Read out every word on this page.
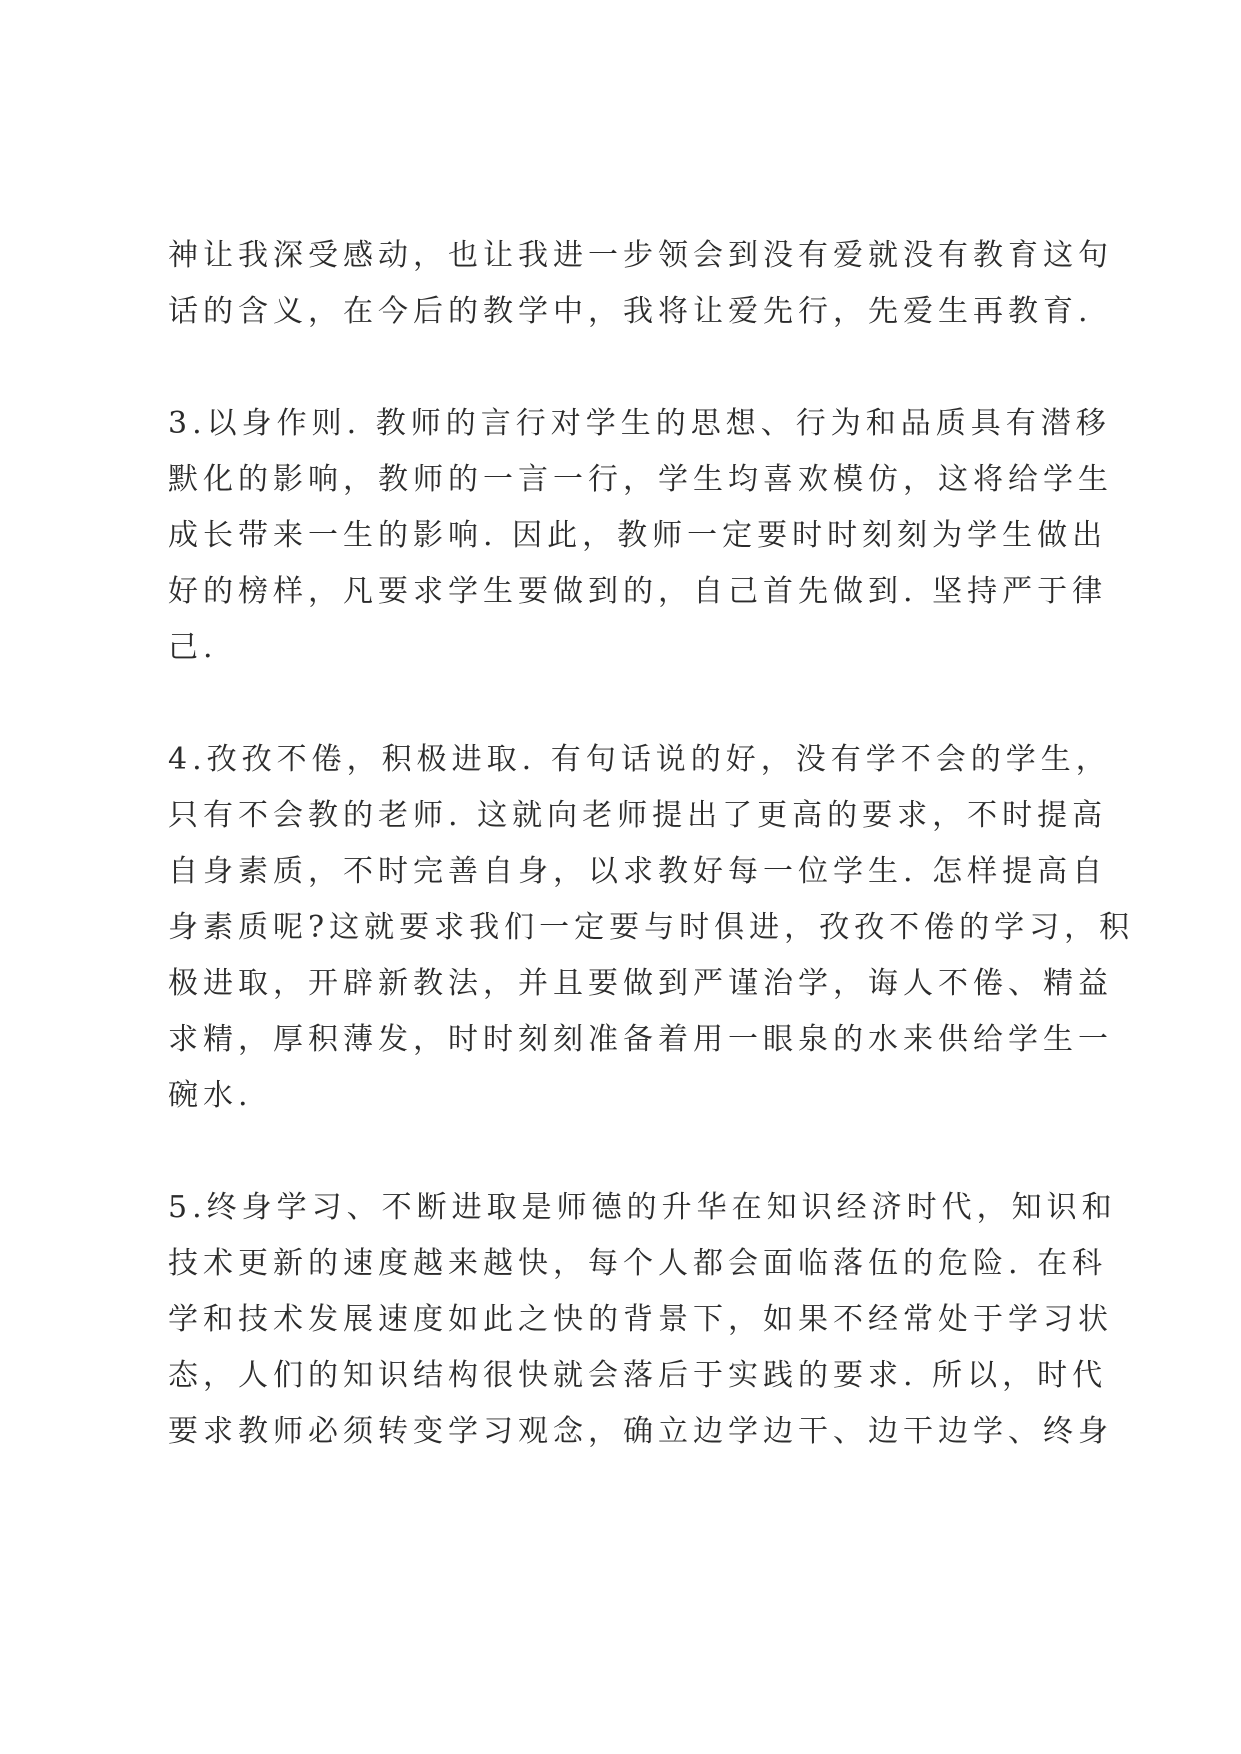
神让我深受感动，也让我进一步领会到没有爱就没有教育这句
话的含义，在今后的教学中，我将让爱先行，先爱生再教育.
3.以身作则. 教师的言行对学生的思想、行为和品质具有潜移
默化的影响，教师的一言一行，学生均喜欢模仿，这将给学生
成长带来一生的影响. 因此，教师一定要时时刻刻为学生做出
好的榜样，凡要求学生要做到的，自己首先做到. 坚持严于律
己.
4.孜孜不倦，积极进取. 有句话说的好，没有学不会的学生，
只有不会教的老师. 这就向老师提出了更高的要求，不时提高
自身素质，不时完善自身，以求教好每一位学生. 怎样提高自
身素质呢?这就要求我们一定要与时俱进，孜孜不倦的学习，积
极进取，开辟新教法，并且要做到严谨治学，诲人不倦、精益
求精，厚积薄发，时时刻刻准备着用一眼泉的水来供给学生一
碗水.
5.终身学习、不断进取是师德的升华在知识经济时代，知识和
技术更新的速度越来越快，每个人都会面临落伍的危险. 在科
学和技术发展速度如此之快的背景下，如果不经常处于学习状
态，人们的知识结构很快就会落后于实践的要求. 所以，时代
要求教师必须转变学习观念，确立边学边干、边干边学、终身
